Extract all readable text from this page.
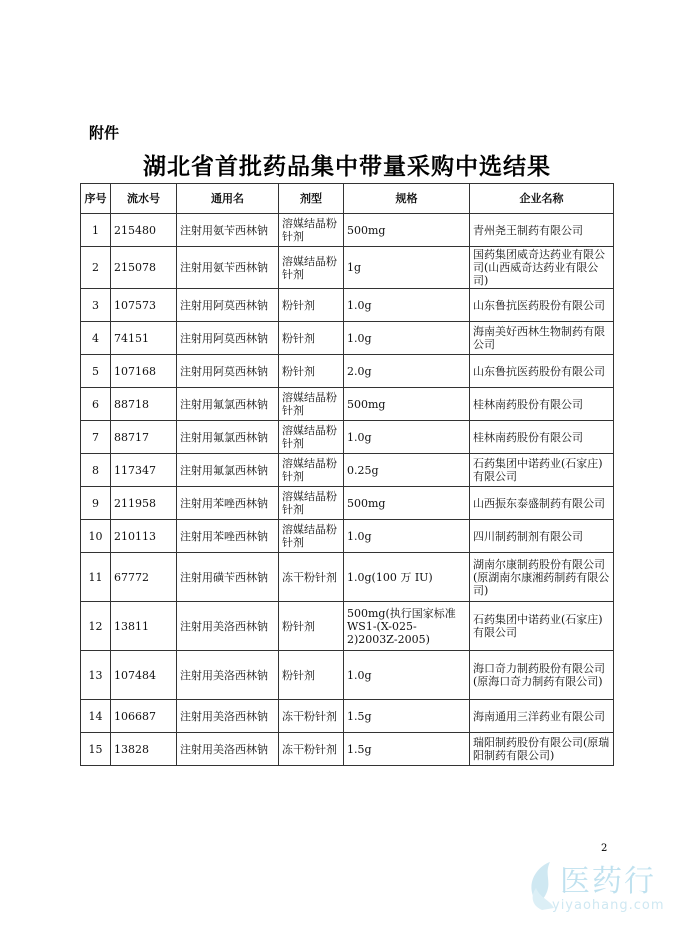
附件
湖北省首批药品集中带量采购中选结果
序号	流水号	通用名	剂型	规格	企业名称
1	215480	注射用氨苄西林钠	溶媒结晶粉针剂	500mg	青州尧王制药有限公司
2	215078	注射用氨苄西林钠	溶媒结晶粉针剂	1g	国药集团威奇达药业有限公司(山西威奇达药业有限公司)
3	107573	注射用阿莫西林钠	粉针剂	1.0g	山东鲁抗医药股份有限公司
4	74151	注射用阿莫西林钠	粉针剂	1.0g	海南美好西林生物制药有限公司
5	107168	注射用阿莫西林钠	粉针剂	2.0g	山东鲁抗医药股份有限公司
6	88718	注射用氟氯西林钠	溶媒结晶粉针剂	500mg	桂林南药股份有限公司
7	88717	注射用氟氯西林钠	溶媒结晶粉针剂	1.0g	桂林南药股份有限公司
8	117347	注射用氟氯西林钠	溶媒结晶粉针剂	0.25g	石药集团中诺药业(石家庄)有限公司
9	211958	注射用苯唑西林钠	溶媒结晶粉针剂	500mg	山西振东泰盛制药有限公司
10	210113	注射用苯唑西林钠	溶媒结晶粉针剂	1.0g	四川制药制剂有限公司
11	67772	注射用磺苄西林钠	冻干粉针剂	1.0g(100 万 IU)	湖南尔康制药股份有限公司(原湖南尔康湘药制药有限公司)
12	13811	注射用美洛西林钠	粉针剂	500mg(执行国家标准WS1-(X-025-2)2003Z-2005)	石药集团中诺药业(石家庄)有限公司
13	107484	注射用美洛西林钠	粉针剂	1.0g	海口奇力制药股份有限公司(原海口奇力制药有限公司)
14	106687	注射用美洛西林钠	冻干粉针剂	1.5g	海南通用三洋药业有限公司
15	13828	注射用美洛西林钠	冻干粉针剂	1.5g	瑞阳制药股份有限公司(原瑞阳制药有限公司)
2
医药行
yiyaohang.com
